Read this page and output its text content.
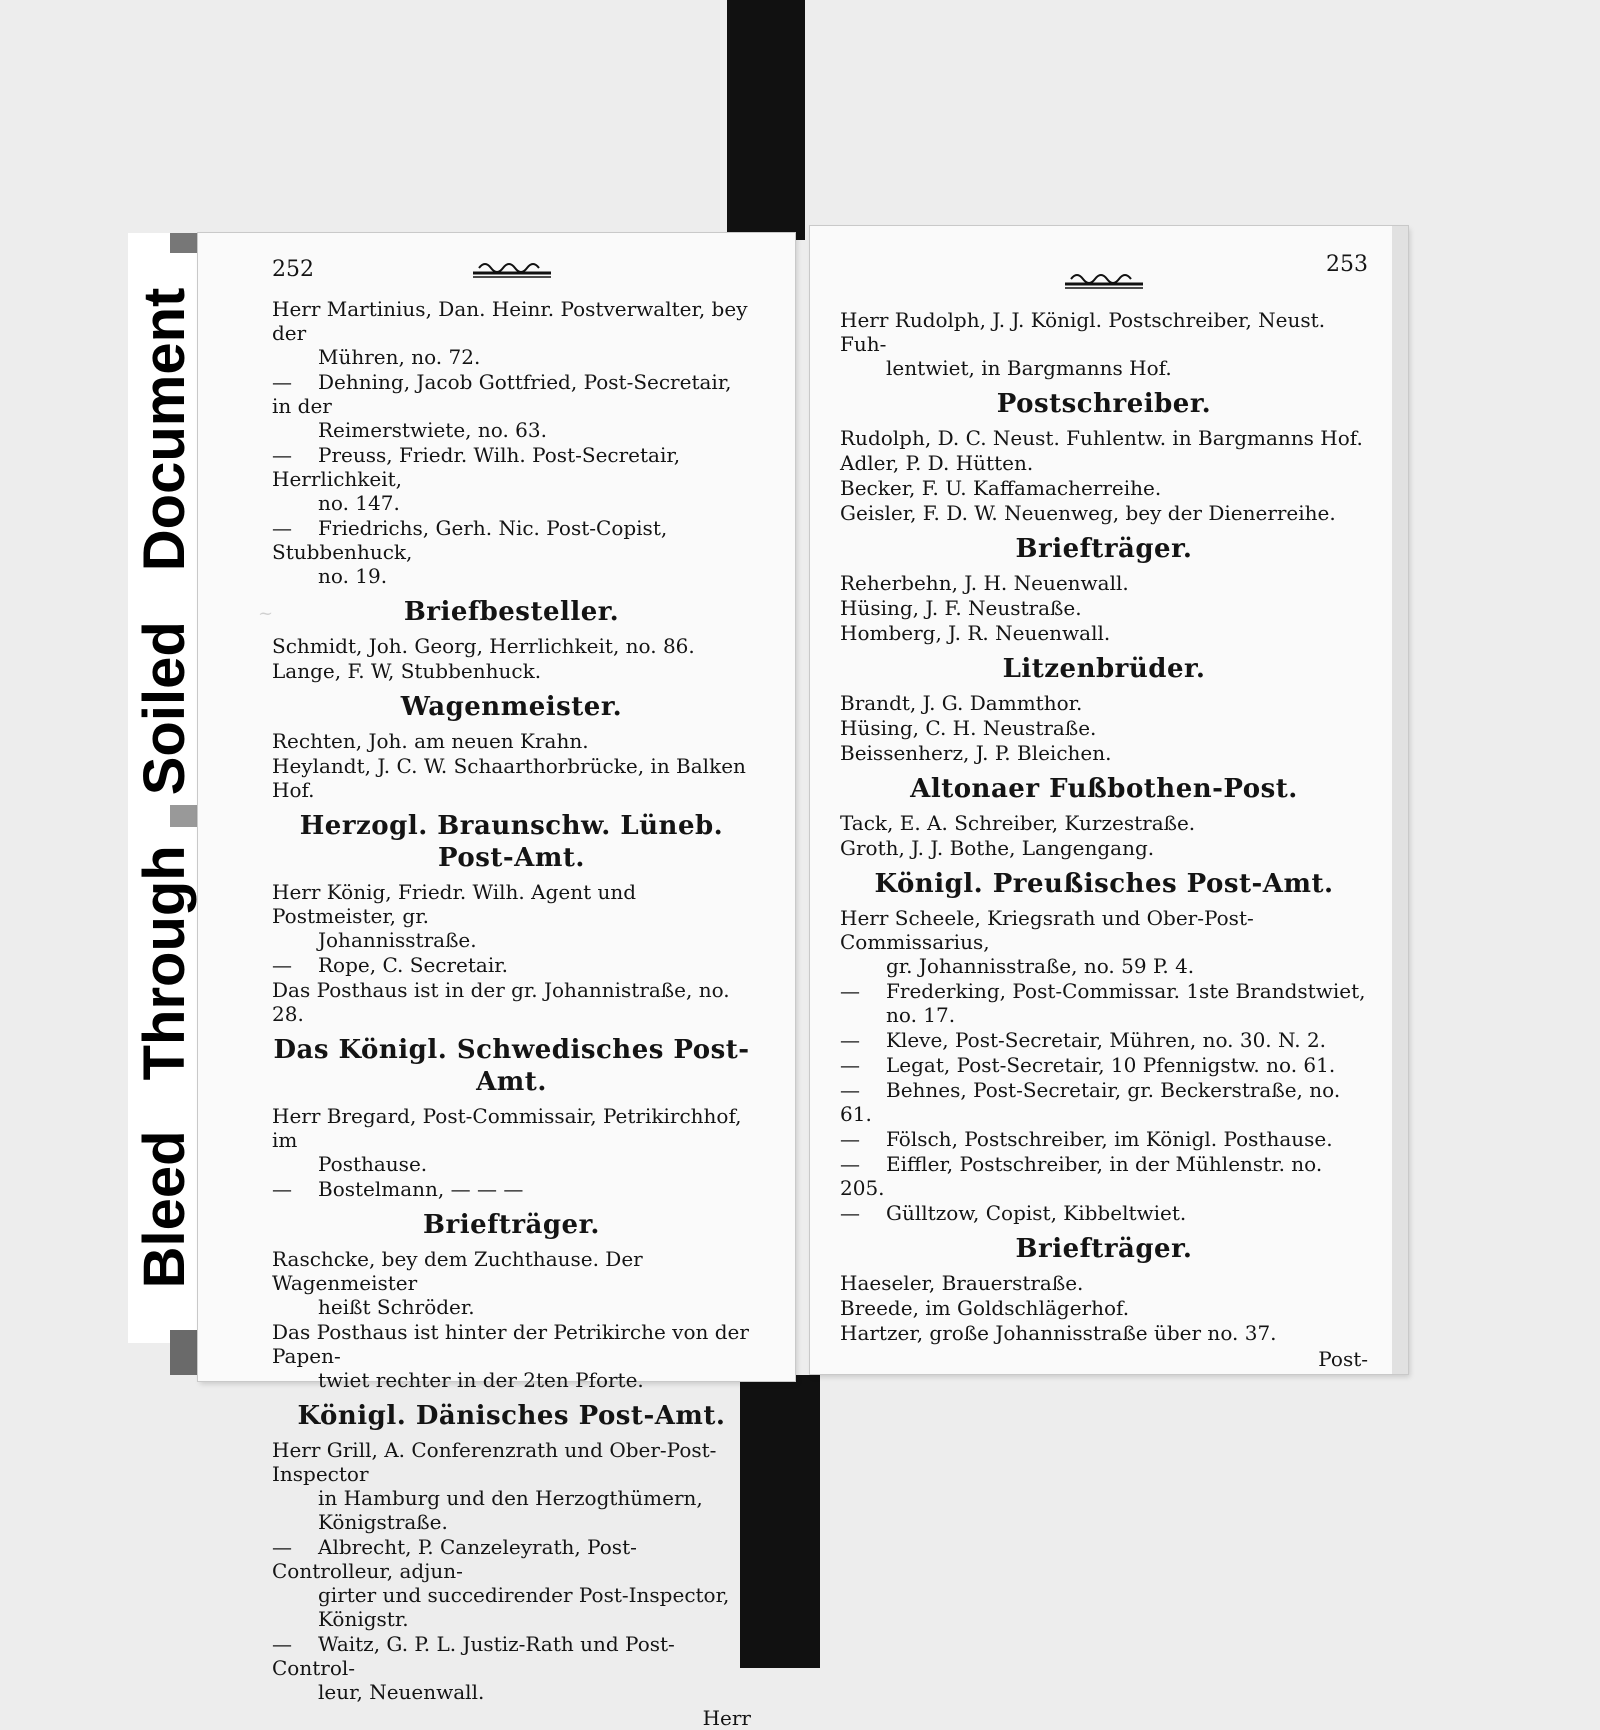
Bleed
Through
Soiled
Document
~
252
Herr Martinius, Dan. Heinr. Postverwalter, bey der
Mühren, no. 72.
— Dehning, Jacob Gottfried, Post-Secretair, in der
Reimerstwiete, no. 63.
— Preuss, Friedr. Wilh. Post-Secretair, Herrlichkeit,
no. 147.
— Friedrichs, Gerh. Nic. Post-Copist, Stubbenhuck,
no. 19.
Briefbesteller.
Schmidt, Joh. Georg, Herrlichkeit, no. 86.
Lange, F. W, Stubbenhuck.
Wagenmeister.
Rechten, Joh. am neuen Krahn.
Heylandt, J. C. W. Schaarthorbrücke, in Balken Hof.
Herzogl. Braunschw. Lüneb. Post-Amt.
Herr König, Friedr. Wilh. Agent und Postmeister, gr.
Johannisstraße.
— Rope, C. Secretair.
Das Posthaus ist in der gr. Johannistraße, no. 28.
Das Königl. Schwedisches Post-Amt.
Herr Bregard, Post-Commissair, Petrikirchhof, im
Posthause.
— Bostelmann, — — —
Briefträger.
Raschcke, bey dem Zuchthause. Der Wagenmeister
heißt Schröder.
Das Posthaus ist hinter der Petrikirche von der Papen-
twiet rechter in der 2ten Pforte.
Königl. Dänisches Post-Amt.
Herr Grill, A. Conferenzrath und Ober-Post-Inspector
in Hamburg und den Herzogthümern, Königstraße.
— Albrecht, P. Canzeleyrath, Post-Controlleur, adjun-
girter und succedirender Post-Inspector, Königstr.
— Waitz, G. P. L. Justiz-Rath und Post-Control-
leur, Neuenwall.
Herr
253
Herr Rudolph, J. J. Königl. Postschreiber, Neust. Fuh-
lentwiet, in Bargmanns Hof.
Postschreiber.
Rudolph, D. C. Neust. Fuhlentw. in Bargmanns Hof.
Adler, P. D. Hütten.
Becker, F. U. Kaffamacherreihe.
Geisler, F. D. W. Neuenweg, bey der Dienerreihe.
Briefträger.
Reherbehn, J. H. Neuenwall.
Hüsing, J. F. Neustraße.
Homberg, J. R. Neuenwall.
Litzenbrüder.
Brandt, J. G. Dammthor.
Hüsing, C. H. Neustraße.
Beissenherz, J. P. Bleichen.
Altonaer Fußbothen-Post.
Tack, E. A. Schreiber, Kurzestraße.
Groth, J. J. Bothe, Langengang.
Königl. Preußisches Post-Amt.
Herr Scheele, Kriegsrath und Ober-Post-Commissarius,
gr. Johannisstraße, no. 59 P. 4.
— Frederking, Post-Commissar. 1ste Brandstwiet,
no. 17.
— Kleve, Post-Secretair, Mühren, no. 30. N. 2.
— Legat, Post-Secretair, 10 Pfennigstw. no. 61.
— Behnes, Post-Secretair, gr. Beckerstraße, no. 61.
— Fölsch, Postschreiber, im Königl. Posthause.
— Eiffler, Postschreiber, in der Mühlenstr. no. 205.
— Gülltzow, Copist, Kibbeltwiet.
Briefträger.
Haeseler, Brauerstraße.
Breede, im Goldschlägerhof.
Hartzer, große Johannisstraße über no. 37.
Post-
